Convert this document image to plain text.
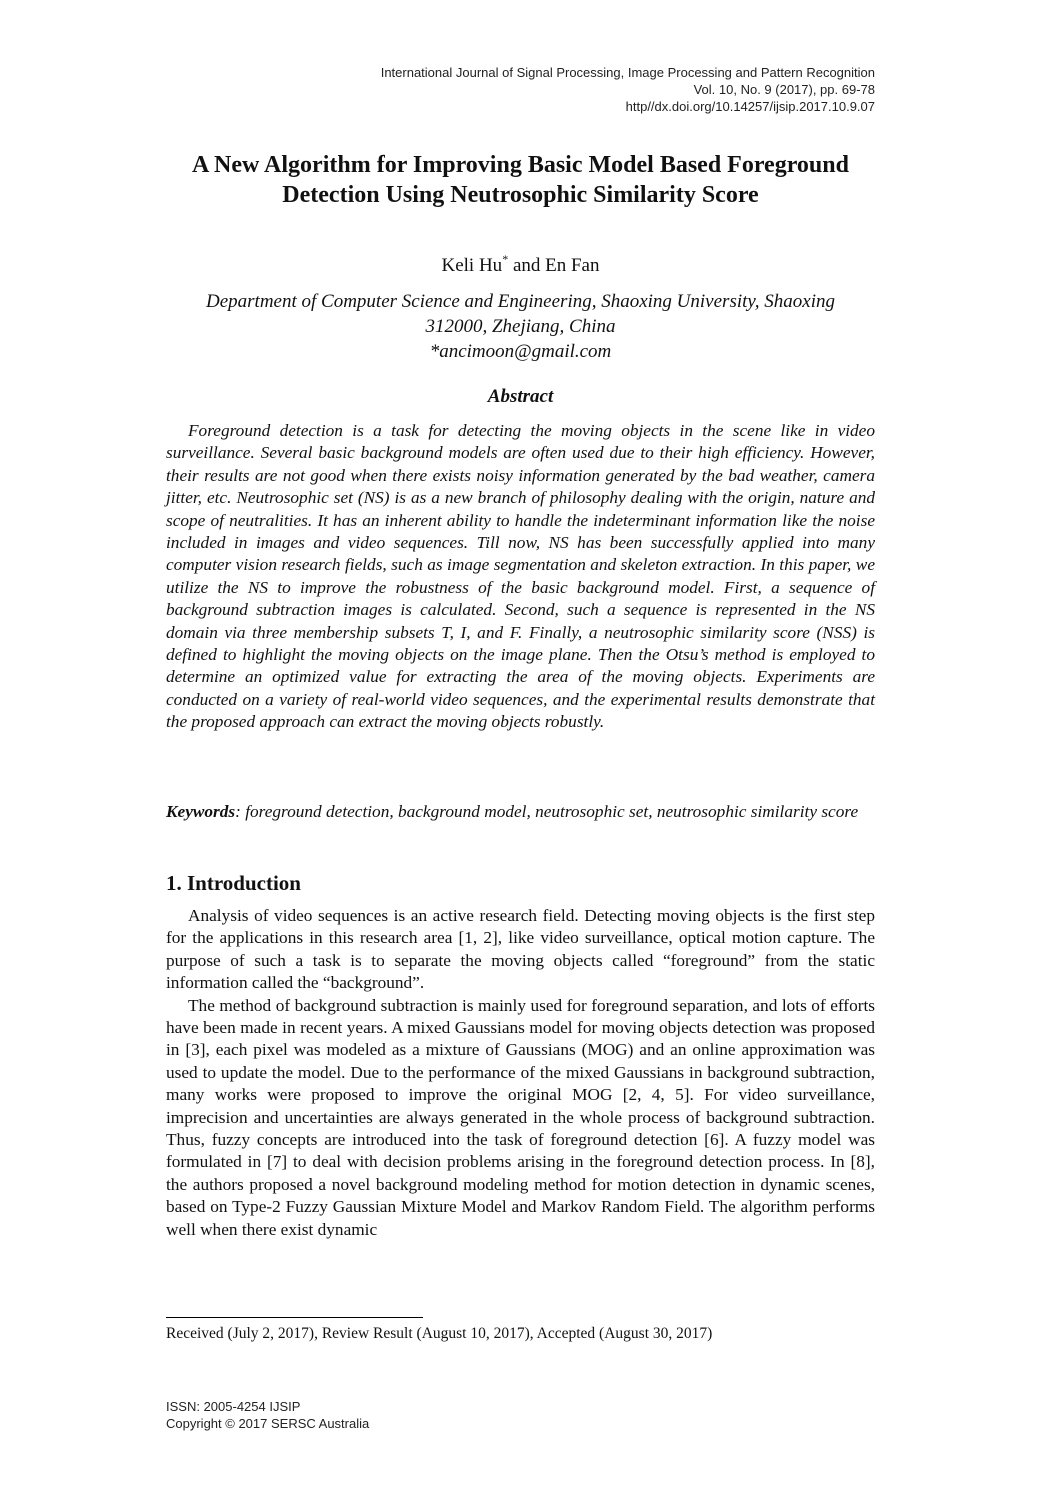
International Journal of Signal Processing, Image Processing and Pattern Recognition
Vol. 10, No. 9 (2017), pp. 69-78
http//dx.doi.org/10.14257/ijsip.2017.10.9.07
A New Algorithm for Improving Basic Model Based Foreground
Detection Using Neutrosophic Similarity Score
Keli Hu* and En Fan
Department of Computer Science and Engineering, Shaoxing University, Shaoxing
312000, Zhejiang, China
*ancimoon@gmail.com
Abstract

Foreground detection is a task for detecting the moving objects in the scene like in video surveillance. Several basic background models are often used due to their high efficiency. However, their results are not good when there exists noisy information generated by the bad weather, camera jitter, etc. Neutrosophic set (NS) is as a new branch of philosophy dealing with the origin, nature and scope of neutralities. It has an inherent ability to handle the indeterminant information like the noise included in images and video sequences. Till now, NS has been successfully applied into many computer vision research fields, such as image segmentation and skeleton extraction. In this paper, we utilize the NS to improve the robustness of the basic background model. First, a sequence of background subtraction images is calculated. Second, such a sequence is represented in the NS domain via three membership subsets T, I, and F. Finally, a neutrosophic similarity score (NSS) is defined to highlight the moving objects on the image plane. Then the Otsu’s method is employed to determine an optimized value for extracting the area of the moving objects. Experiments are conducted on a variety of real-world video sequences, and the experimental results demonstrate that the proposed approach can extract the moving objects robustly.

Keywords: foreground detection, background model, neutrosophic set, neutrosophic similarity score

1. Introduction

Analysis of video sequences is an active research field. Detecting moving objects is the first step for the applications in this research area [1, 2], like video surveillance, optical motion capture. The purpose of such a task is to separate the moving objects called “foreground” from the static information called the “background”.

The method of background subtraction is mainly used for foreground separation, and lots of efforts have been made in recent years. A mixed Gaussians model for moving objects detection was proposed in [3], each pixel was modeled as a mixture of Gaussians (MOG) and an online approximation was used to update the model. Due to the performance of the mixed Gaussians in background subtraction, many works were proposed to improve the original MOG [2, 4, 5]. For video surveillance, imprecision and uncertainties are always generated in the whole process of background subtraction. Thus, fuzzy concepts are introduced into the task of foreground detection [6]. A fuzzy model was formulated in [7] to deal with decision problems arising in the foreground detection process. In [8], the authors proposed a novel background modeling method for motion detection in dynamic scenes, based on Type-2 Fuzzy Gaussian Mixture Model and Markov Random Field. The algorithm performs well when there exist dynamic

Received (July 2, 2017), Review Result (August 10, 2017), Accepted (August 30, 2017)
ISSN: 2005-4254 IJSIP
Copyright © 2017 SERSC Australia
